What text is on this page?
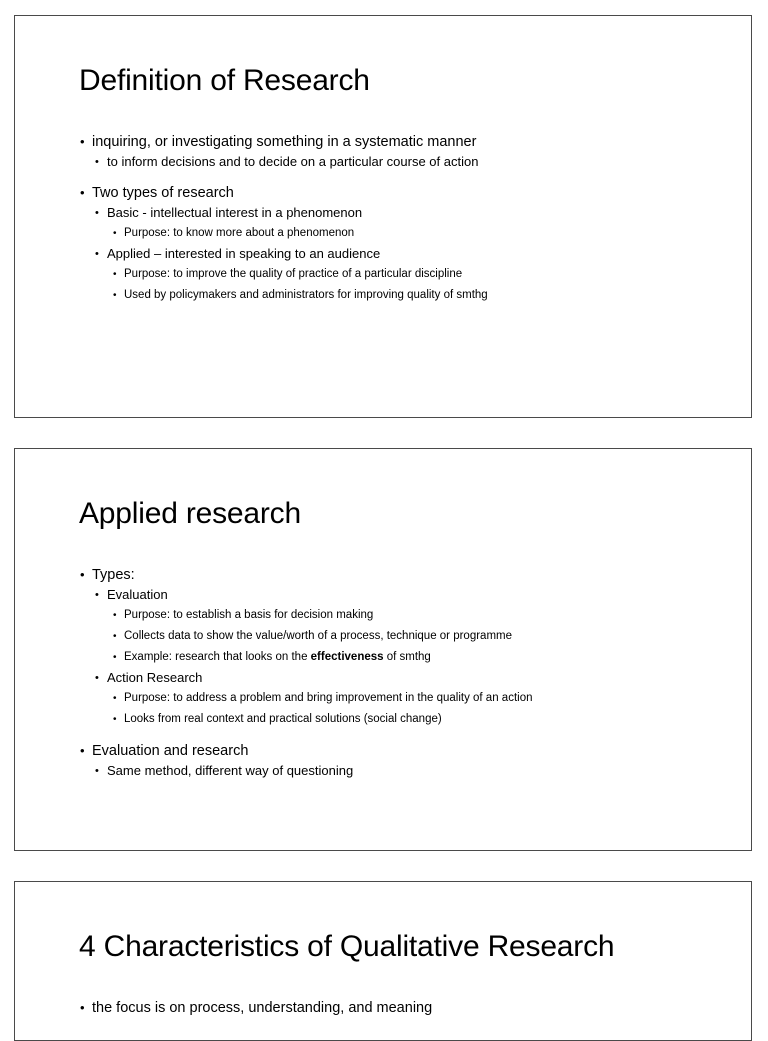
Definition of Research
• inquiring, or investigating something in a systematic manner
• to inform decisions and to decide on a particular course of action
• Two types of research
• Basic - intellectual interest in a phenomenon
• Purpose: to know more about a phenomenon
• Applied – interested in speaking to an audience
• Purpose: to improve the quality of practice of a particular discipline
• Used by policymakers and administrators for improving quality of smthg
Applied research
• Types:
• Evaluation
• Purpose: to establish a basis for decision making
• Collects data to show the value/worth of a process, technique or programme
• Example: research that looks on the effectiveness of smthg
• Action Research
• Purpose: to address a problem and bring improvement in the quality of an action
• Looks from real context and practical solutions (social change)
• Evaluation and research
• Same method, different way of questioning
4 Characteristics of Qualitative Research
• the focus is on process, understanding, and meaning
